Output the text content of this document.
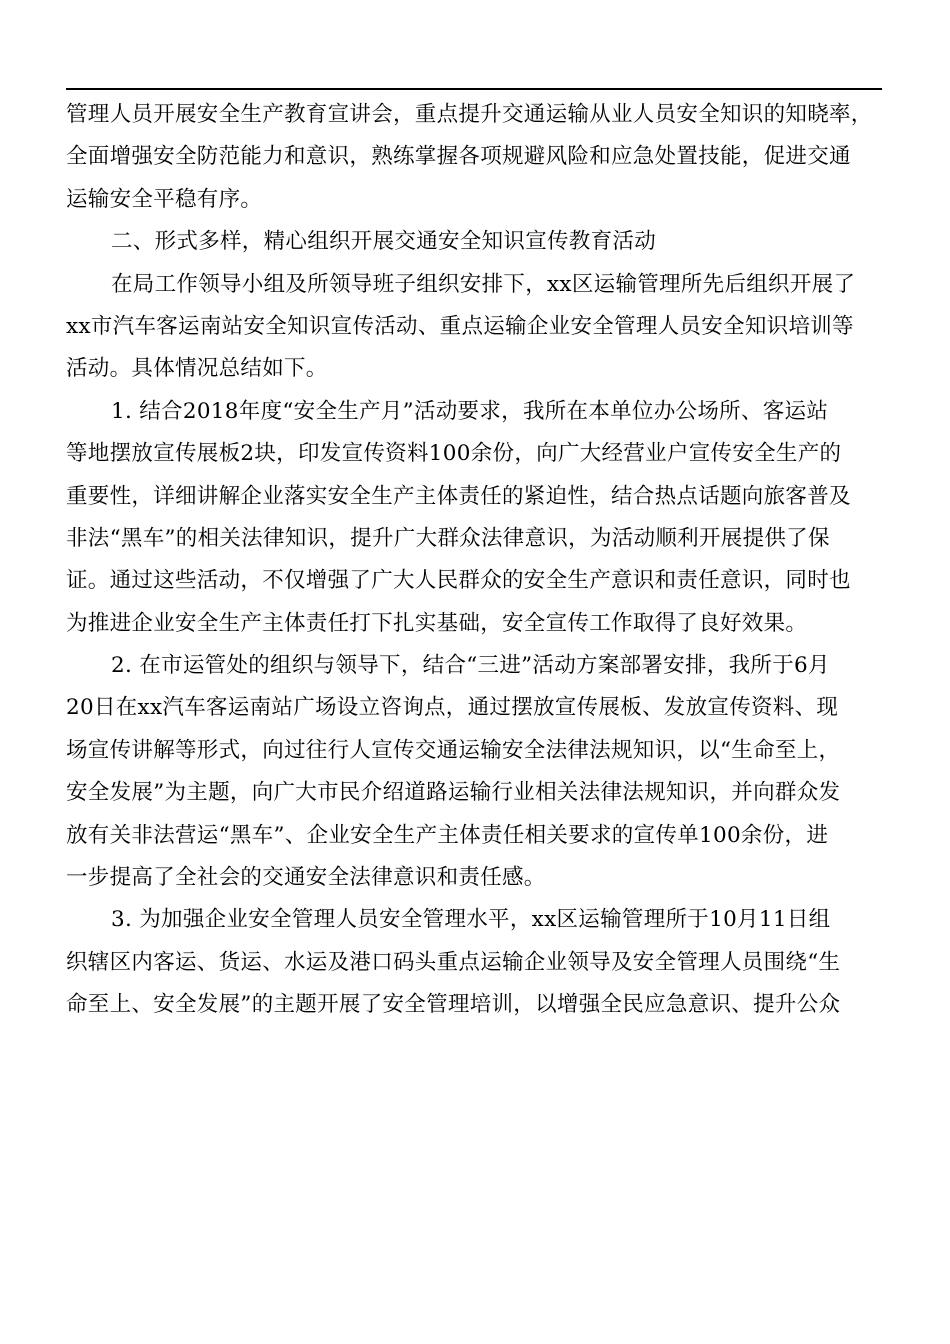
管理人员开展安全生产教育宣讲会，重点提升交通运输从业人员安全知识的知晓率，
全面增强安全防范能力和意识，熟练掌握各项规避风险和应急处置技能，促进交通
运输安全平稳有序。
二、形式多样，精心组织开展交通安全知识宣传教育活动
在局工作领导小组及所领导班子组织安排下，xx区运输管理所先后组织开展了
xx市汽车客运南站安全知识宣传活动、重点运输企业安全管理人员安全知识培训等
活动。具体情况总结如下。
1. 结合2018年度“安全生产月”活动要求，我所在本单位办公场所、客运站
等地摆放宣传展板2块，印发宣传资料100余份，向广大经营业户宣传安全生产的
重要性，详细讲解企业落实安全生产主体责任的紧迫性，结合热点话题向旅客普及
非法“黑车”的相关法律知识，提升广大群众法律意识，为活动顺利开展提供了保
证。通过这些活动，不仅增强了广大人民群众的安全生产意识和责任意识，同时也
为推进企业安全生产主体责任打下扎实基础，安全宣传工作取得了良好效果。
2. 在市运管处的组织与领导下，结合“三进”活动方案部署安排，我所于6月
20日在xx汽车客运南站广场设立咨询点，通过摆放宣传展板、发放宣传资料、现
场宣传讲解等形式，向过往行人宣传交通运输安全法律法规知识，以“生命至上，
安全发展”为主题，向广大市民介绍道路运输行业相关法律法规知识，并向群众发
放有关非法营运“黑车”、企业安全生产主体责任相关要求的宣传单100余份，进
一步提高了全社会的交通安全法律意识和责任感。
3. 为加强企业安全管理人员安全管理水平，xx区运输管理所于10月11日组
织辖区内客运、货运、水运及港口码头重点运输企业领导及安全管理人员围绕“生
命至上、安全发展”的主题开展了安全管理培训，以增强全民应急意识、提升公众
